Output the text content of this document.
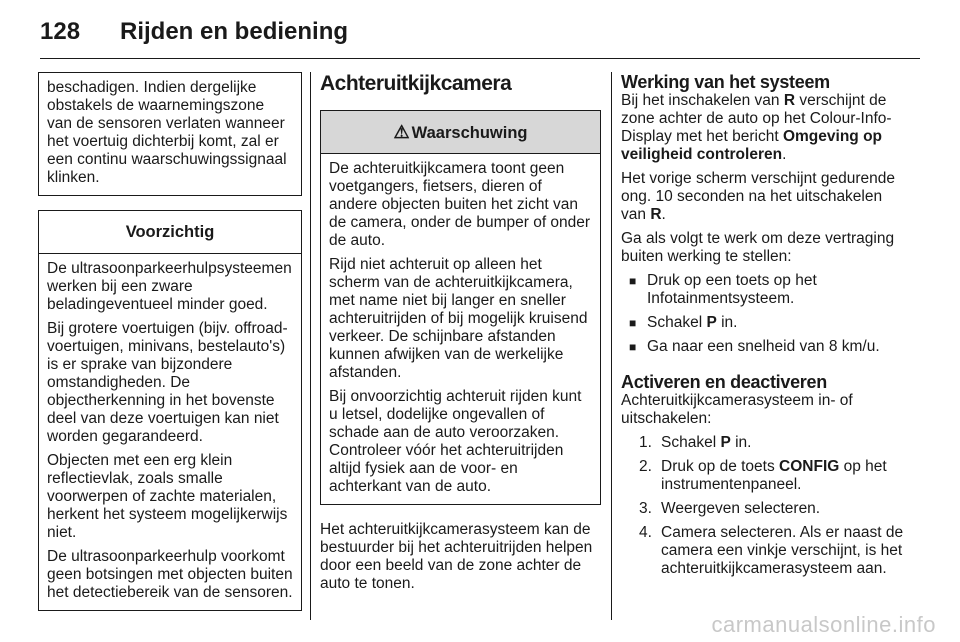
128 Rijden en bediening

beschadigen. Indien dergelijke obstakels de waarnemingszone van de sensoren verlaten wanneer het voertuig dichterbij komt, zal er een continu waarschuwingssignaal klinken.

Voorzichtig

De ultrasoonparkeerhulpsysteemen werken bij een zware beladingeventueel minder goed.

Bij grotere voertuigen (bijv. offroad-voertuigen, minivans, bestelauto's) is er sprake van bijzondere omstandigheden. De objectherkenning in het bovenste deel van deze voertuigen kan niet worden gegarandeerd.

Objecten met een erg klein reflectievlak, zoals smalle voorwerpen of zachte materialen, herkent het systeem mogelijkerwijs niet.

De ultrasoonparkeerhulp voorkomt geen botsingen met objecten buiten het detectiebereik van de sensoren.

Achteruitkijkcamera
⚠ Waarschuwing

De achteruitkijkcamera toont geen voetgangers, fietsers, dieren of andere objecten buiten het zicht van de camera, onder de bumper of onder de auto.

Rijd niet achteruit op alleen het scherm van de achteruitkijkcamera, met name niet bij langer en sneller achteruitrijden of bij mogelijk kruisend verkeer. De schijnbare afstanden kunnen afwijken van de werkelijke afstanden.

Bij onvoorzichtig achteruit rijden kunt u letsel, dodelijke ongevallen of schade aan de auto veroorzaken. Controleer vóór het achteruitrijden altijd fysiek aan de voor- en achterkant van de auto.

Het achteruitkijkcamerasysteem kan de bestuurder bij het achteruitrijden helpen door een beeld van de zone achter de auto te tonen.

Werking van het systeem

Bij het inschakelen van R verschijnt de zone achter de auto op het Colour-Info-Display met het bericht Omgeving op veiligheid controleren.

Het vorige scherm verschijnt gedurende ong. 10 seconden na het uitschakelen van R.

Ga als volgt te werk om deze vertraging buiten werking te stellen:

■ Druk op een toets op het Infotainmentsysteem.
■ Schakel P in.
■ Ga naar een snelheid van 8 km/u.
Activeren en deactiveren

Achteruitkijkcamerasysteem in- of uitschakelen:

1. Schakel P in.
2. Druk op de toets CONFIG op het instrumentenpaneel.
3. Weergeven selecteren.
4. Camera selecteren. Als er naast de camera een vinkje verschijnt, is het achteruitkijkcamerasysteem aan.
carmanualsonline.info
